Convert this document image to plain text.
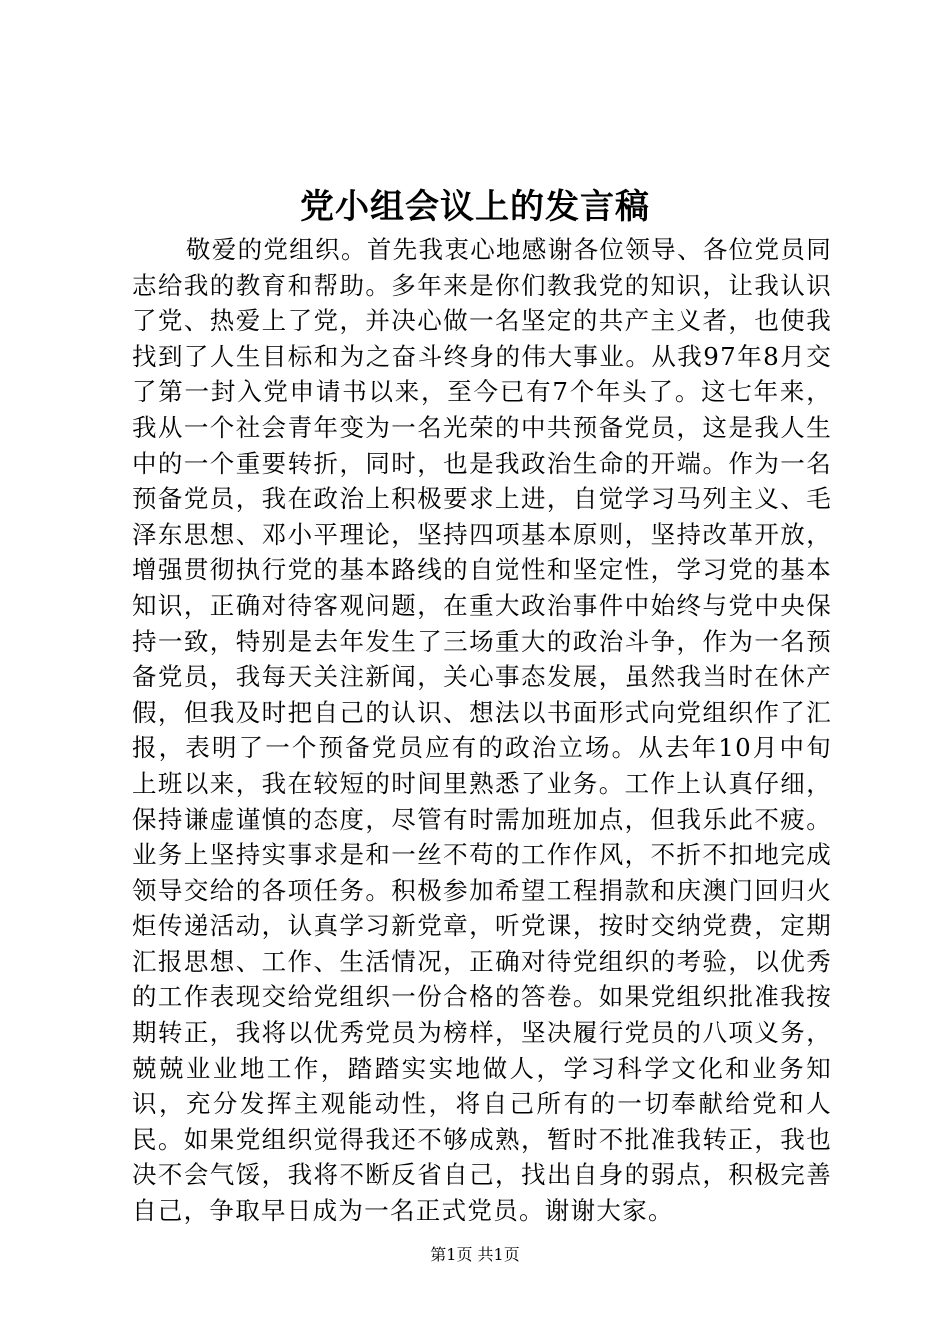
党小组会议上的发言稿

敬爱的党组织。首先我衷心地感谢各位领导、各位党员同志给我的教育和帮助。多年来是你们教我党的知识，让我认识了党、热爱上了党，并决心做一名坚定的共产主义者，也使我找到了人生目标和为之奋斗终身的伟大事业。从我97年8月交了第一封入党申请书以来，至今已有7个年头了。这七年来，我从一个社会青年变为一名光荣的中共预备党员，这是我人生中的一个重要转折，同时，也是我政治生命的开端。作为一名预备党员，我在政治上积极要求上进，自觉学习马列主义、毛泽东思想、邓小平理论，坚持四项基本原则，坚持改革开放，增强贯彻执行党的基本路线的自觉性和坚定性，学习党的基本知识，正确对待客观问题，在重大政治事件中始终与党中央保持一致，特别是去年发生了三场重大的政治斗争，作为一名预备党员，我每天关注新闻，关心事态发展，虽然我当时在休产假，但我及时把自己的认识、想法以书面形式向党组织作了汇报，表明了一个预备党员应有的政治立场。从去年10月中旬上班以来，我在较短的时间里熟悉了业务。工作上认真仔细，保持谦虚谨慎的态度，尽管有时需加班加点，但我乐此不疲。业务上坚持实事求是和一丝不苟的工作作风，不折不扣地完成领导交给的各项任务。积极参加希望工程捐款和庆澳门回归火炬传递活动，认真学习新党章，听党课，按时交纳党费，定期汇报思想、工作、生活情况，正确对待党组织的考验，以优秀的工作表现交给党组织一份合格的答卷。如果党组织批准我按期转正，我将以优秀党员为榜样，坚决履行党员的八项义务，兢兢业业地工作，踏踏实实地做人，学习科学文化和业务知识，充分发挥主观能动性，将自己所有的一切奉献给党和人民。如果党组织觉得我还不够成熟，暂时不批准我转正，我也决不会气馁，我将不断反省自己，找出自身的弱点，积极完善自己，争取早日成为一名正式党员。谢谢大家。

第1页 共1页
